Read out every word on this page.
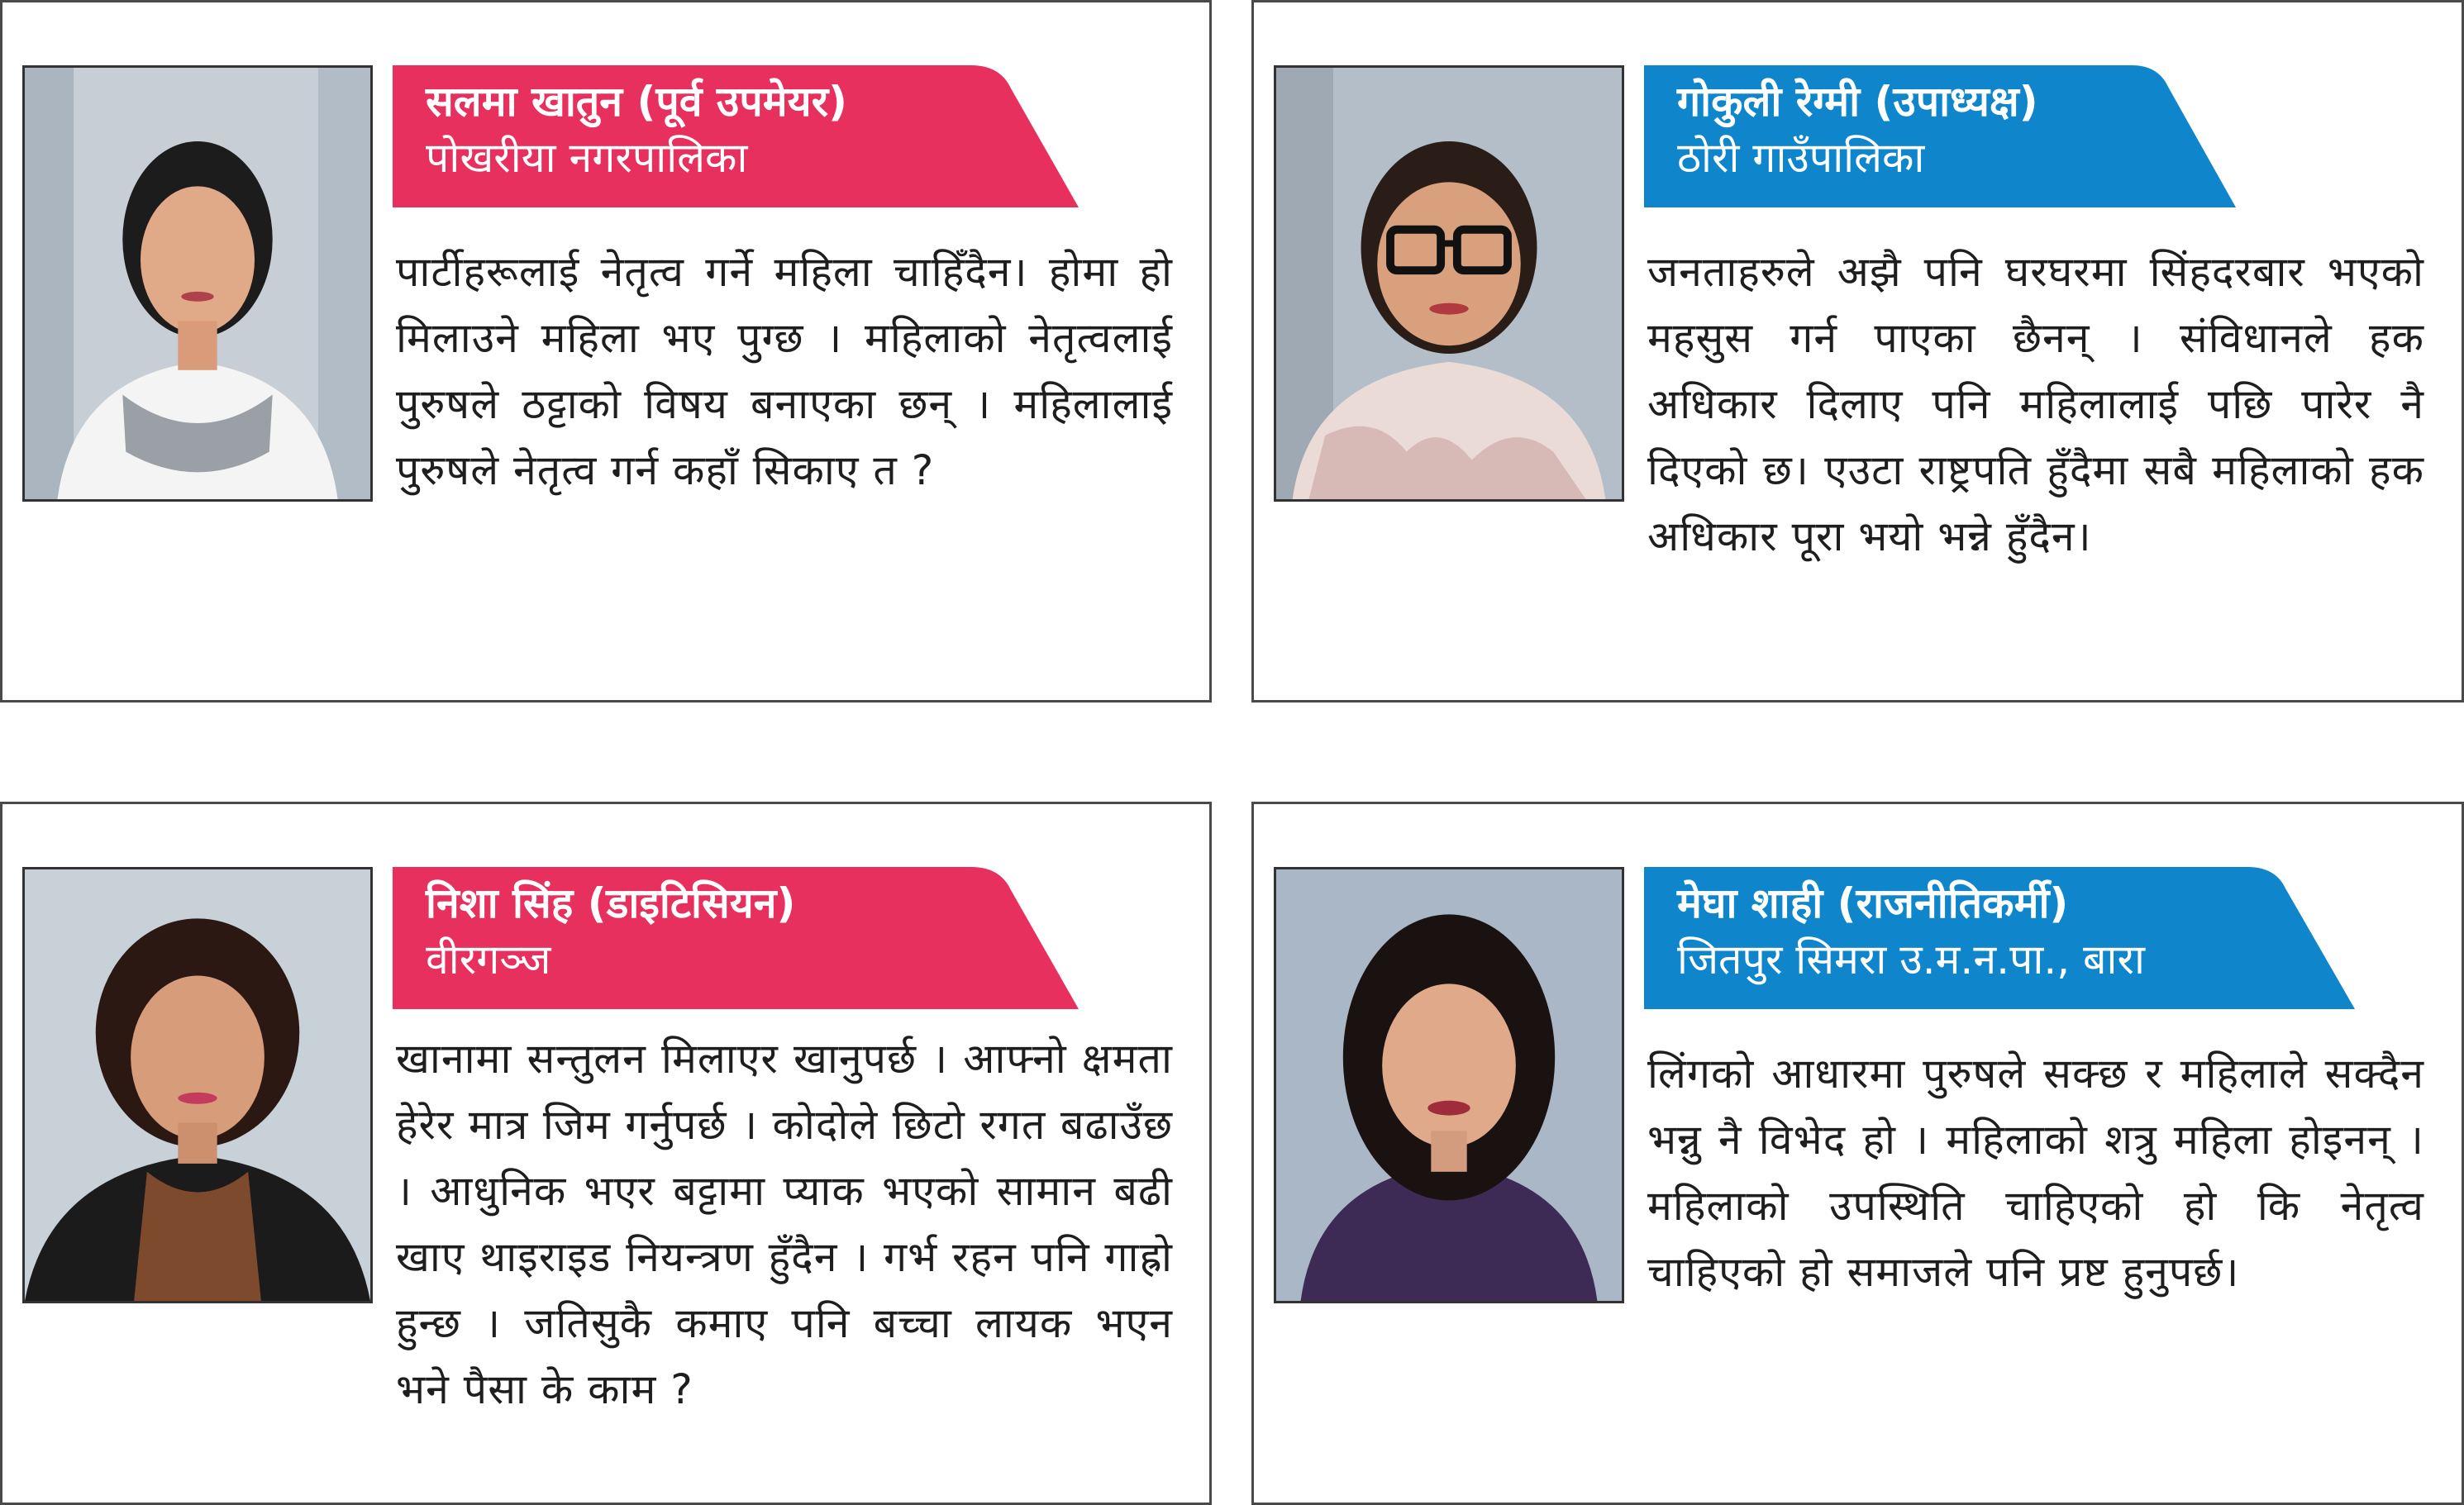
सलमा खातुन (पूर्व उपमेयर)
पोखरीया नगरपालिका

पार्टीहरूलाई नेतृत्व गर्ने महिला चाहिँदैन। होमा हो मिलाउने महिला भए पुग्छ । महिलाको नेतृत्वलाई पुरुषले ठट्टाको विषय बनाएका छन् । महिलालाई पुरुषले नेतृत्व गर्न कहाँ सिकाए त ?

गोकुली रेग्मी (उपाध्यक्ष)
ठोरी गाउँपालिका

जनताहरुले अझै पनि घरघरमा सिंहदरबार भएको महसुस गर्न पाएका छैनन् । संविधानले हक अधिकार दिलाए पनि महिलालाई पछि पारेर नै दिएको छ। एउटा राष्ट्रपति हुँदैमा सबै महिलाको हक अधिकार पूरा भयो भन्ने हुँदैन।

निशा सिंह (डाइटिसियन)
वीरगञ्ज

खानामा सन्तुलन मिलाएर खानुपर्छ । आफ्नो क्षमता हेरेर मात्र जिम गर्नुपर्छ । कोदोले छिटो रगत बढाउँछ । आधुनिक भएर बट्टामा प्याक भएको सामान बढी खाए थाइराइड नियन्त्रण हुँदैन । गर्भ रहन पनि गाह्रो हुन्छ । जतिसुकै कमाए पनि बच्चा लायक भएन भने पैसा के काम ?

मेघा शाही (राजनीतिकर्मी)
जितपुर सिमरा उ.म.न.पा., बारा

लिंगको आधारमा पुरुषले सक्छ र महिलाले सक्दैन भन्नु नै विभेद हो । महिलाको शत्रु महिला होइनन् । महिलाको उपस्थिति चाहिएको हो कि नेतृत्व चाहिएको हो समाजले पनि प्रष्ट हुनुपर्छ।
